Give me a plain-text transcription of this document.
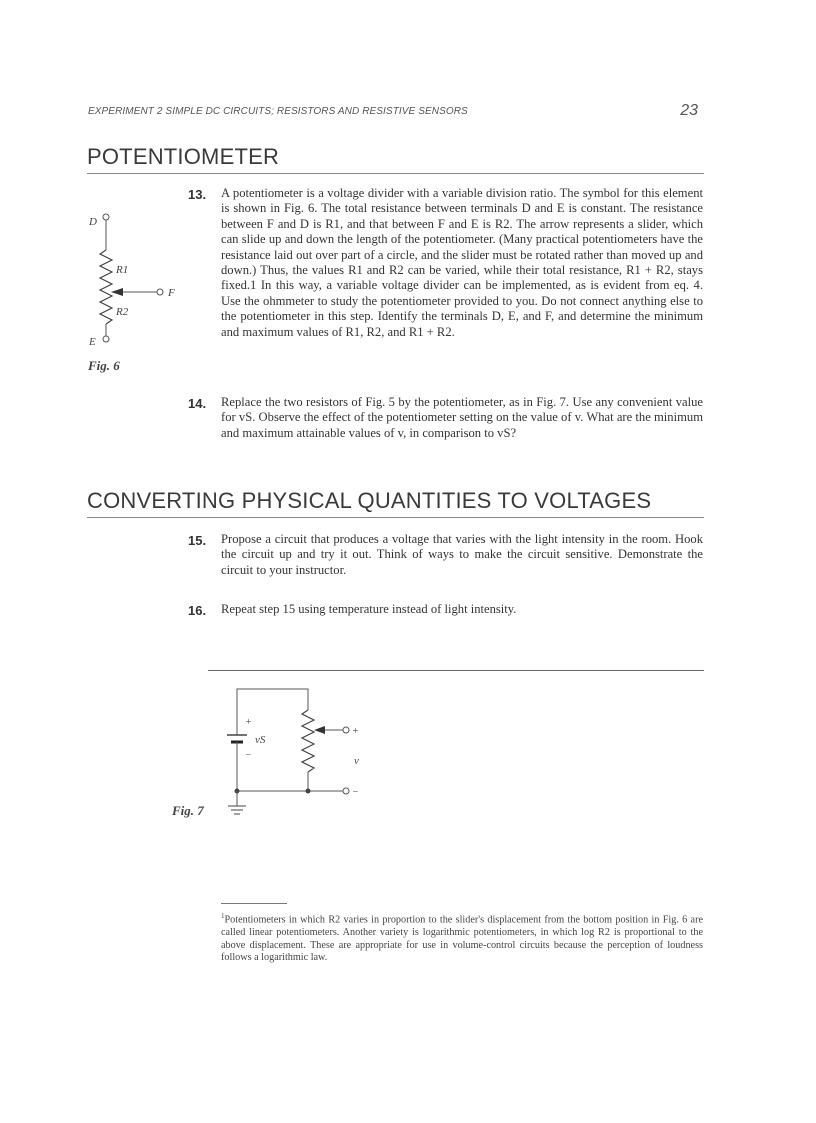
EXPERIMENT 2 SIMPLE DC CIRCUITS; RESISTORS AND RESISTIVE SENSORS	23
POTENTIOMETER
13. A potentiometer is a voltage divider with a variable division ratio. The symbol for this element is shown in Fig. 6. The total resistance between terminals D and E is constant. The resistance between F and D is R1, and that between F and E is R2. The arrow represents a slider, which can slide up and down the length of the potentiometer. (Many practical potentiometers have the resistance laid out over part of a circle, and the slider must be rotated rather than moved up and down.) Thus, the values R1 and R2 can be varied, while their total resistance, R1 + R2, stays fixed.1 In this way, a variable voltage divider can be implemented, as is evident from eq. 4. Use the ohmmeter to study the potentiometer provided to you. Do not connect anything else to the potentiometer in this step. Identify the terminals D, E, and F, and determine the minimum and maximum values of R1, R2, and R1 + R2.
D
E
F
R1
R2
Fig. 6
14. Replace the two resistors of Fig. 5 by the potentiometer, as in Fig. 7. Use any convenient value for vS. Observe the effect of the potentiometer setting on the value of v. What are the minimum and maximum attainable values of v, in comparison to vS?
CONVERTING PHYSICAL QUANTITIES TO VOLTAGES
15. Propose a circuit that produces a voltage that varies with the light intensity in the room. Hook the circuit up and try it out. Think of ways to make the circuit sensitive. Demonstrate the circuit to your instructor.
16. Repeat step 15 using temperature instead of light intensity.
+
−
vS
+
v
−
Fig. 7
$^1$Potentiometers in which R2 varies in proportion to the slider's displacement from the bottom position in Fig. 6 are called linear potentiometers. Another variety is logarithmic potentiometers, in which log R2 is proportional to the above displacement. These are appropriate for use in volume-control circuits because the perception of loudness follows a logarithmic law.
